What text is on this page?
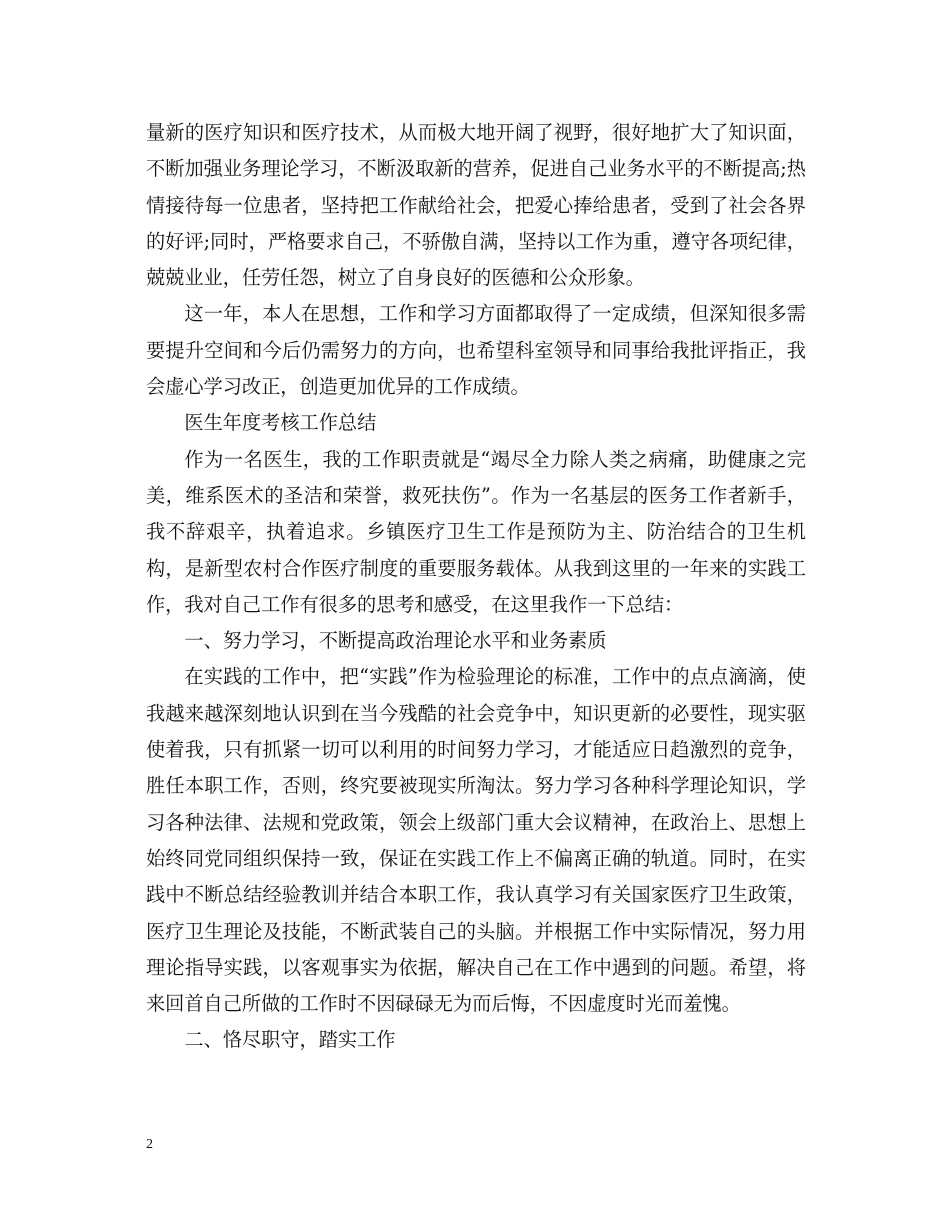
量新的医疗知识和医疗技术，从而极大地开阔了视野，很好地扩大了知识面，不断加强业务理论学习，不断汲取新的营养，促进自己业务水平的不断提高;热情接待每一位患者，坚持把工作献给社会，把爱心捧给患者，受到了社会各界的好评;同时，严格要求自己，不骄傲自满，坚持以工作为重，遵守各项纪律，兢兢业业，任劳任怨，树立了自身良好的医德和公众形象。

这一年，本人在思想，工作和学习方面都取得了一定成绩，但深知很多需要提升空间和今后仍需努力的方向，也希望科室领导和同事给我批评指正，我会虚心学习改正，创造更加优异的工作成绩。

医生年度考核工作总结

作为一名医生，我的工作职责就是“竭尽全力除人类之病痛，助健康之完美，维系医术的圣洁和荣誉，救死扶伤”。作为一名基层的医务工作者新手，我不辞艰辛，执着追求。乡镇医疗卫生工作是预防为主、防治结合的卫生机构，是新型农村合作医疗制度的重要服务载体。从我到这里的一年来的实践工作，我对自己工作有很多的思考和感受，在这里我作一下总结：

一、努力学习，不断提高政治理论水平和业务素质

在实践的工作中，把“实践”作为检验理论的标准，工作中的点点滴滴，使我越来越深刻地认识到在当今残酷的社会竞争中，知识更新的必要性，现实驱使着我，只有抓紧一切可以利用的时间努力学习，才能适应日趋激烈的竞争，胜任本职工作，否则，终究要被现实所淘汰。努力学习各种科学理论知识，学习各种法律、法规和党政策，领会上级部门重大会议精神，在政治上、思想上始终同党同组织保持一致，保证在实践工作上不偏离正确的轨道。同时，在实践中不断总结经验教训并结合本职工作，我认真学习有关国家医疗卫生政策，医疗卫生理论及技能，不断武装自己的头脑。并根据工作中实际情况，努力用理论指导实践，以客观事实为依据，解决自己在工作中遇到的问题。希望，将来回首自己所做的工作时不因碌碌无为而后悔，不因虚度时光而羞愧。

二、恪尽职守，踏实工作

2
